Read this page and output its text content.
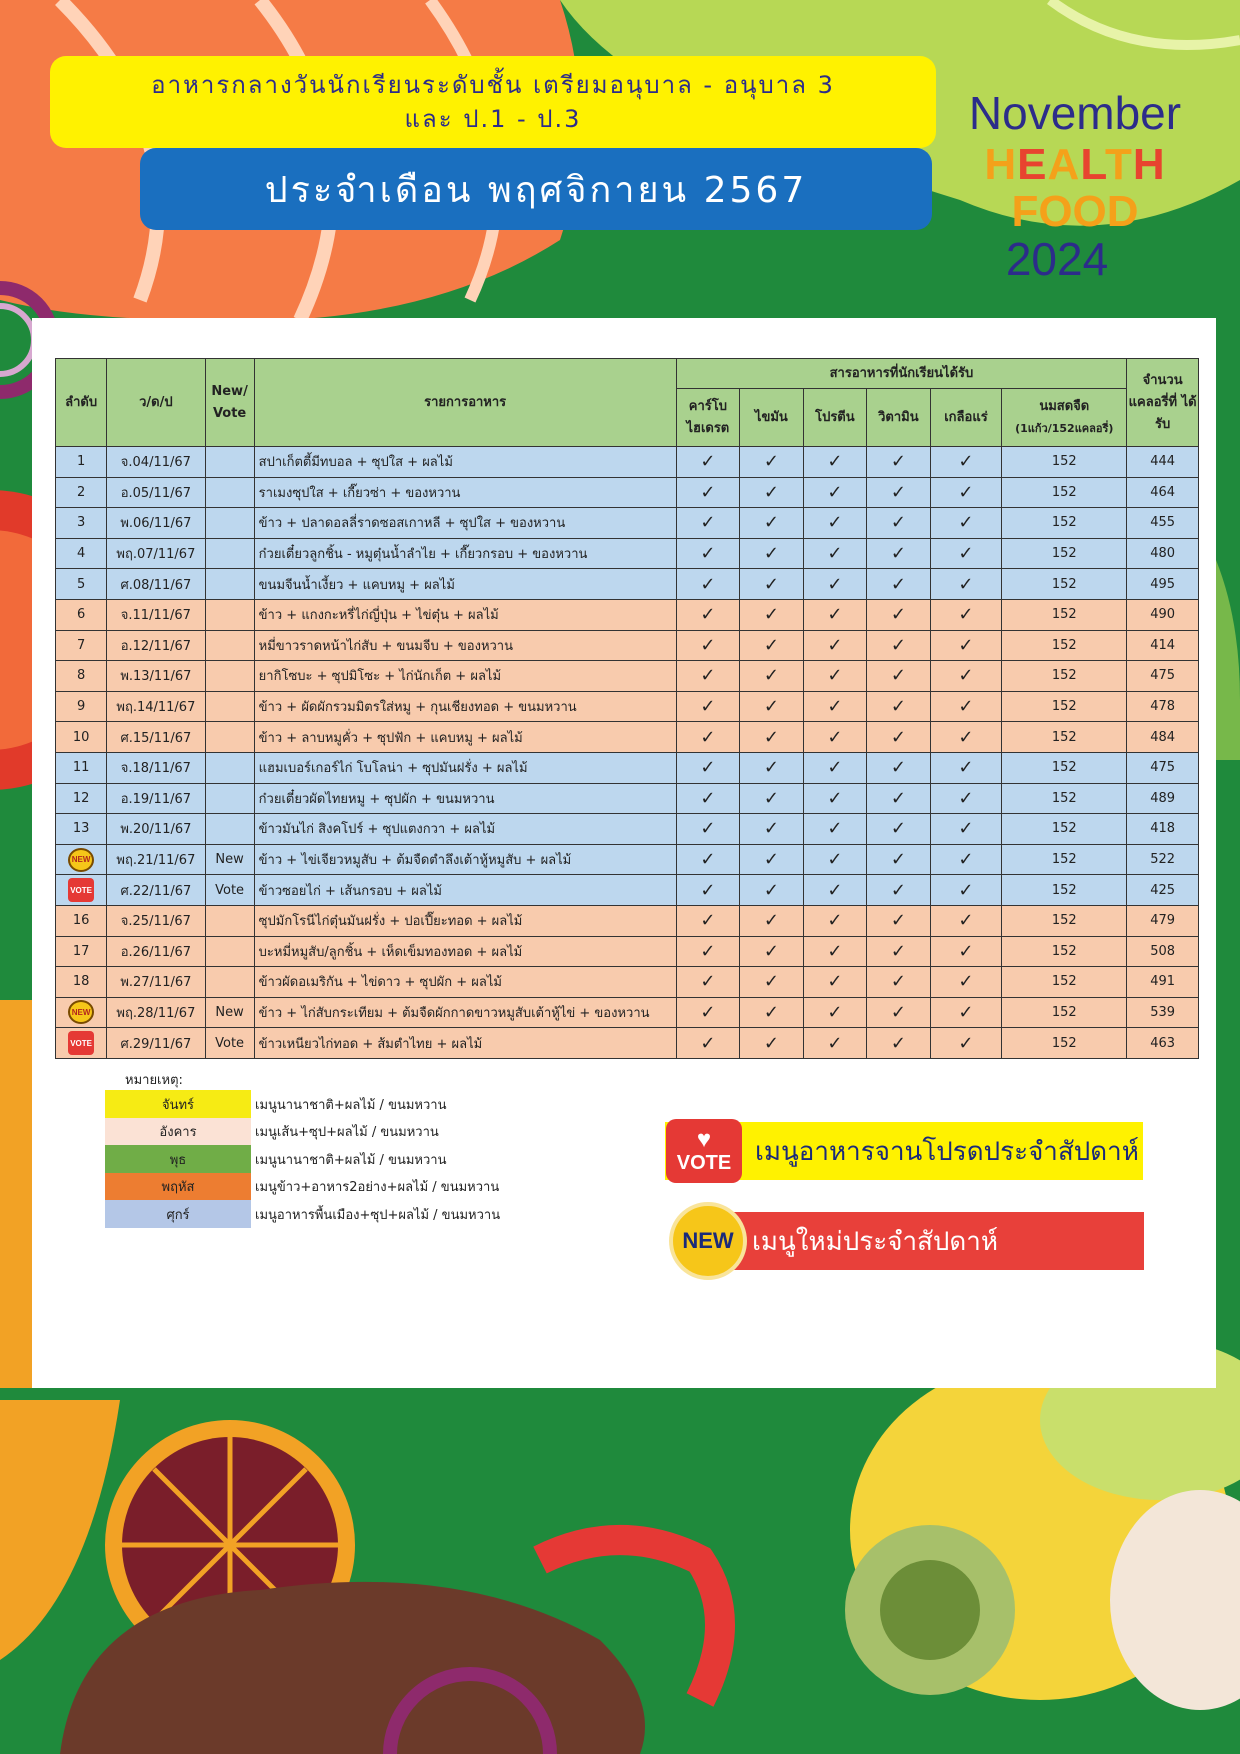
อาหารกลางวันนักเรียนระดับชั้น เตรียมอนุบาล - อนุบาล 3
และ ป.1 - ป.3
ประจำเดือน พฤศจิกายน 2567
November
HEALTH
FOOD
2024
ลำดับ	ว/ด/ป	New/ Vote	รายการอาหาร	สารอาหารที่นักเรียนได้รับ						จำนวน แคลอรี่ที่ ได้รับ
				คาร์โบ ไฮเดรต	ไขมัน	โปรตีน	วิตามิน	เกลือแร่	นมสดจืด
(1แก้ว/152แคลอรี่)	

1	จ.04/11/67		สปาเก็ตตี้มีทบอล + ซุปใส + ผลไม้	✓	✓	✓	✓	✓	152	444
2	อ.05/11/67		ราเมงซุปใส + เกี๊ยวซ่า + ของหวาน	✓	✓	✓	✓	✓	152	464
3	พ.06/11/67		ข้าว + ปลาดอลลี่ราดซอสเกาหลี + ซุปใส + ของหวาน	✓	✓	✓	✓	✓	152	455
4	พฤ.07/11/67		ก๋วยเตี๋ยวลูกชิ้น - หมูตุ๋นน้ำลำไย + เกี๊ยวกรอบ + ของหวาน	✓	✓	✓	✓	✓	152	480
5	ศ.08/11/67		ขนมจีนน้ำเงี้ยว + แคบหมู + ผลไม้	✓	✓	✓	✓	✓	152	495
6	จ.11/11/67		ข้าว + แกงกะหรี่ไก่ญี่ปุ่น + ไข่ตุ๋น + ผลไม้	✓	✓	✓	✓	✓	152	490
7	อ.12/11/67		หมี่ขาวราดหน้าไก่สับ + ขนมจีบ + ของหวาน	✓	✓	✓	✓	✓	152	414
8	พ.13/11/67		ยากิโซบะ + ซุปมิโซะ + ไก่นักเก็ต + ผลไม้	✓	✓	✓	✓	✓	152	475
9	พฤ.14/11/67		ข้าว + ผัดผักรวมมิตรใส่หมู + กุนเชียงทอด + ขนมหวาน	✓	✓	✓	✓	✓	152	478
10	ศ.15/11/67		ข้าว + ลาบหมูคั่ว + ซุปฟัก + แคบหมู + ผลไม้	✓	✓	✓	✓	✓	152	484
11	จ.18/11/67		แฮมเบอร์เกอร์ไก่ โบโลน่า + ซุปมันฝรั่ง + ผลไม้	✓	✓	✓	✓	✓	152	475
12	อ.19/11/67		ก๋วยเตี๋ยวผัดไทยหมู + ซุปผัก + ขนมหวาน	✓	✓	✓	✓	✓	152	489
13	พ.20/11/67		ข้าวมันไก่ สิงคโปร์ + ซุปแตงกวา + ผลไม้	✓	✓	✓	✓	✓	152	418
NEW	พฤ.21/11/67	New	ข้าว + ไข่เจียวหมูสับ + ต้มจืดตำลึงเต้าหู้หมูสับ + ผลไม้	✓	✓	✓	✓	✓	152	522
VOTE	ศ.22/11/67	Vote	ข้าวซอยไก่ + เส้นกรอบ + ผลไม้	✓	✓	✓	✓	✓	152	425
16	จ.25/11/67		ซุปมักโรนีไก่ตุ๋นมันฝรั่ง + ปอเปี๊ยะทอด + ผลไม้	✓	✓	✓	✓	✓	152	479
17	อ.26/11/67		บะหมี่หมูสับ/ลูกชิ้น + เห็ดเข็มทองทอด + ผลไม้	✓	✓	✓	✓	✓	152	508
18	พ.27/11/67		ข้าวผัดอเมริกัน + ไข่ดาว + ซุปผัก + ผลไม้	✓	✓	✓	✓	✓	152	491
NEW	พฤ.28/11/67	New	ข้าว + ไก่สับกระเทียม + ต้มจืดผักกาดขาวหมูสับเต้าหู้ไข่ + ของหวาน	✓	✓	✓	✓	✓	152	539
VOTE	ศ.29/11/67	Vote	ข้าวเหนียวไก่ทอด + ส้มตำไทย + ผลไม้	✓	✓	✓	✓	✓	152	463
หมายเหตุ:
จันทร์	เมนูนานาชาติ+ผลไม้ / ขนมหวาน
อังคาร	เมนูเส้น+ซุป+ผลไม้ / ขนมหวาน
พุธ	เมนูนานาชาติ+ผลไม้ / ขนมหวาน
พฤหัส	เมนูข้าว+อาหาร2อย่าง+ผลไม้ / ขนมหวาน
ศุกร์	เมนูอาหารพื้นเมือง+ซุป+ผลไม้ / ขนมหวาน
เมนูอาหารจานโปรดประจำสัปดาห์
♥
VOTE
เมนูใหม่ประจำสัปดาห์
NEW
